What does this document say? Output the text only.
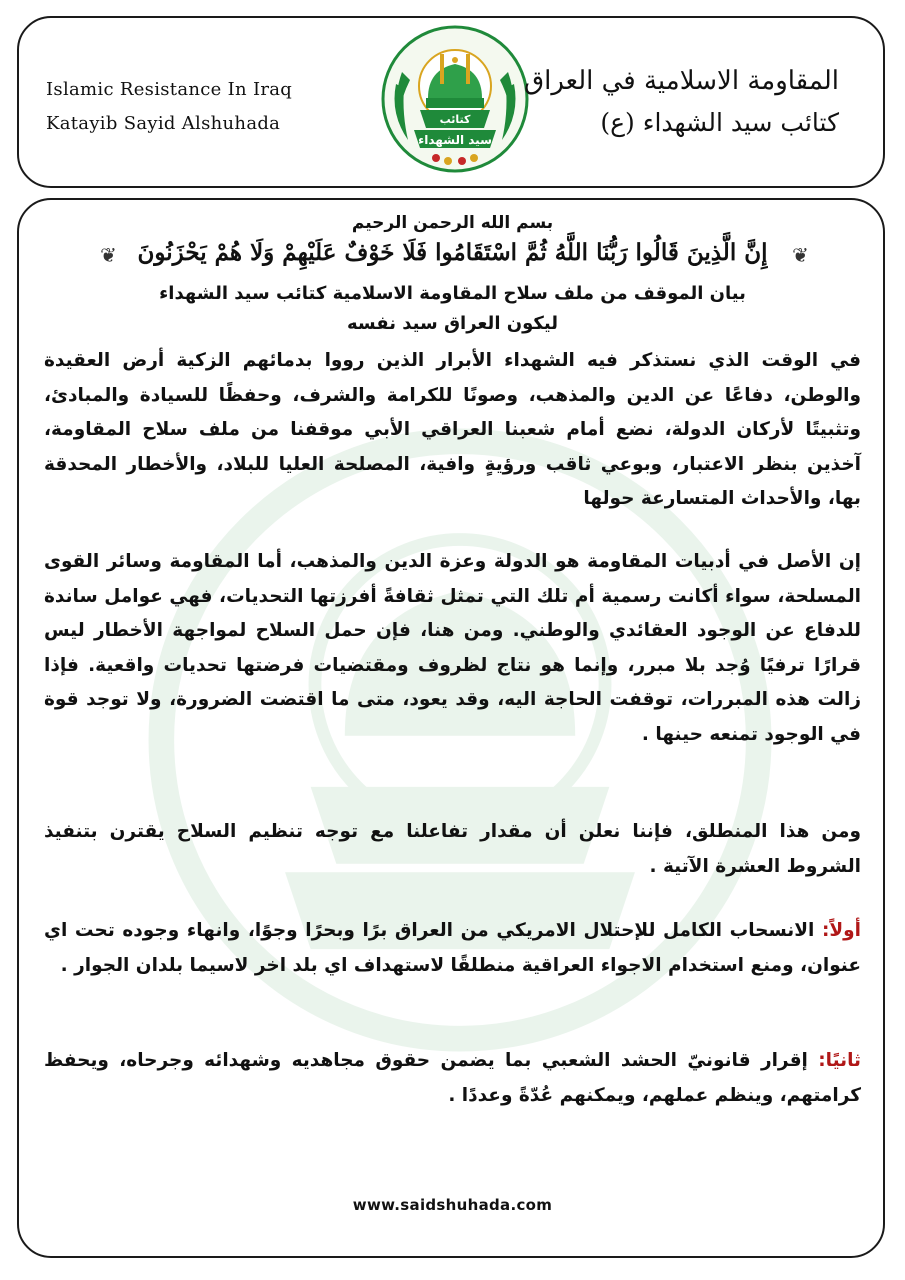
Islamic Resistance In Iraq
Katayib Sayid Alshuhada	كتائب
سيد الشهداء
المقاومة الاسلامية في العراق
كتائب سيد الشهداء (ع)
بسم الله الرحمن الرحيم
❦ إِنَّ الَّذِينَ قَالُوا رَبُّنَا اللَّهُ ثُمَّ اسْتَقَامُوا فَلَا خَوْفٌ عَلَيْهِمْ وَلَا هُمْ يَحْزَنُونَ	❦
بيان الموقف من ملف سلاح المقاومة الاسلامية كتائب سيد الشهداء
ليكون العراق سيد نفسه
في الوقت الذي نستذكر فيه الشهداء الأبرار الذين رووا بدمائهم الزكية أرض العقيدة والوطن، دفاعًا عن الدين والمذهب، وصونًا للكرامة والشرف، وحفظًا للسيادة والمبادئ، وتثبيتًا لأركان الدولة، نضع أمام شعبنا العراقي الأبي موقفنا من ملف سلاح المقاومة، آخذين بنظر الاعتبار، وبوعي ثاقب ورؤيةٍ وافية، المصلحة العليا للبلاد، والأخطار المحدقة بها، والأحداث المتسارعة حولها
إن الأصل في أدبيات المقاومة هو الدولة وعزة الدين والمذهب، أما المقاومة وسائر القوى المسلحة، سواء أكانت رسمية أم تلك التي تمثل ثقافةً أفرزتها التحديات، فهي عوامل ساندة للدفاع عن الوجود العقائدي والوطني. ومن هنا، فإن حمل السلاح لمواجهة الأخطار ليس قرارًا ترفيًا وُجد بلا مبرر، وإنما هو نتاج لظروف ومقتضيات فرضتها تحديات واقعية. فإذا زالت هذه المبررات، توقفت الحاجة اليه، وقد يعود، متى ما اقتضت الضرورة، ولا توجد قوة في الوجود تمنعه حينها .
ومن هذا المنطلق، فإننا نعلن أن مقدار تفاعلنا مع توجه تنظيم السلاح يقترن بتنفيذ الشروط العشرة الآتية .
أولاً: الانسحاب الكامل للإحتلال الامريكي من العراق برًا وبحرًا وجوًا، وانهاء وجوده تحت اي عنوان، ومنع استخدام الاجواء العراقية منطلقًا لاستهداف اي بلد اخر لاسيما بلدان الجوار .
ثانيًا: إقرار قانونيّ الحشد الشعبي بما يضمن حقوق مجاهديه وشهدائه وجرحاه، ويحفظ كرامتهم، وينظم عملهم، ويمكنهم عُدّةً وعددًا .
www.saidshuhada.com
